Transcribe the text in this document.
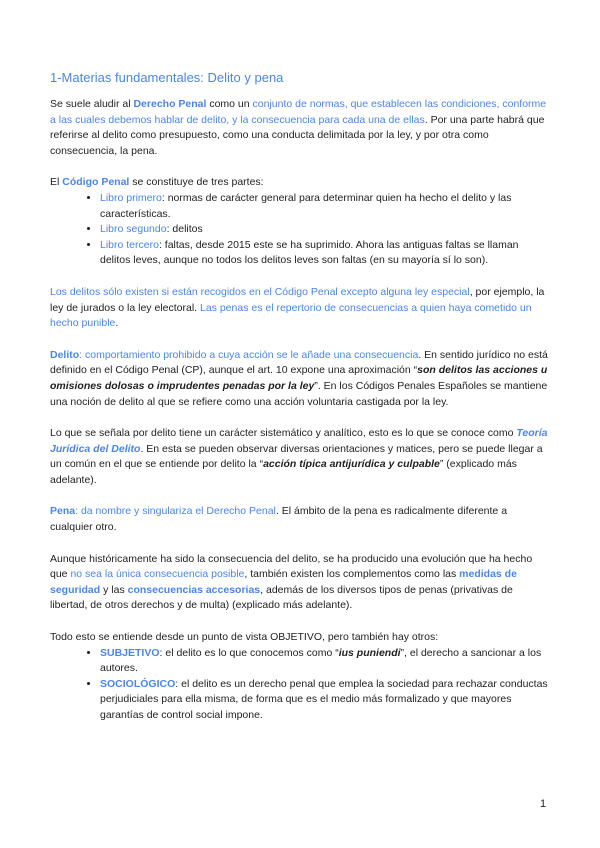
1-Materias fundamentales: Delito y pena

Se suele aludir al Derecho Penal como un conjunto de normas, que establecen las condiciones, conforme a las cuales debemos hablar de delito, y la consecuencia para cada una de ellas. Por una parte habrá que referirse al delito como presupuesto, como una conducta delimitada por la ley, y por otra como consecuencia, la pena.

El Código Penal se constituye de tres partes:

• Libro primero: normas de carácter general para determinar quien ha hecho el delito y las características.
• Libro segundo: delitos
• Libro tercero: faltas, desde 2015 este se ha suprimido. Ahora las antiguas faltas se llaman delitos leves, aunque no todos los delitos leves son faltas (en su mayoría sí lo son).

Los delitos sólo existen si están recogidos en el Código Penal excepto alguna ley especial, por ejemplo, la ley de jurados o la ley electoral. Las penas es el repertorio de consecuencias a quien haya cometido un hecho punible.

Delito: comportamiento prohibido a cuya acción se le añade una consecuencia. En sentido jurídico no está definido en el Código Penal (CP), aunque el art. 10 expone una aproximación “son delitos las acciones u omisiones dolosas o imprudentes penadas por la ley”. En los Códigos Penales Españoles se mantiene una noción de delito al que se refiere como una acción voluntaria castigada por la ley.

Lo que se señala por delito tiene un carácter sistemático y analítico, esto es lo que se conoce como Teoría Jurídica del Delito. En esta se pueden observar diversas orientaciones y matices, pero se puede llegar a un común en el que se entiende por delito la “acción típica antijurídica y culpable” (explicado más adelante).

Pena: da nombre y singulariza el Derecho Penal. El ámbito de la pena es radicalmente diferente a cualquier otro.

Aunque históricamente ha sido la consecuencia del delito, se ha producido una evolución que ha hecho que no sea la única consecuencia posible, también existen los complementos como las medidas de seguridad y las consecuencias accesorias, además de los diversos tipos de penas (privativas de libertad, de otros derechos y de multa) (explicado más adelante).

Todo esto se entiende desde un punto de vista OBJETIVO, pero también hay otros:

• SUBJETIVO: el delito es lo que conocemos como “ius puniendi”, el derecho a sancionar a los autores.
• SOCIOLÓGICO: el delito es un derecho penal que emplea la sociedad para rechazar conductas perjudiciales para ella misma, de forma que es el medio más formalizado y que mayores garantías de control social impone.
1
